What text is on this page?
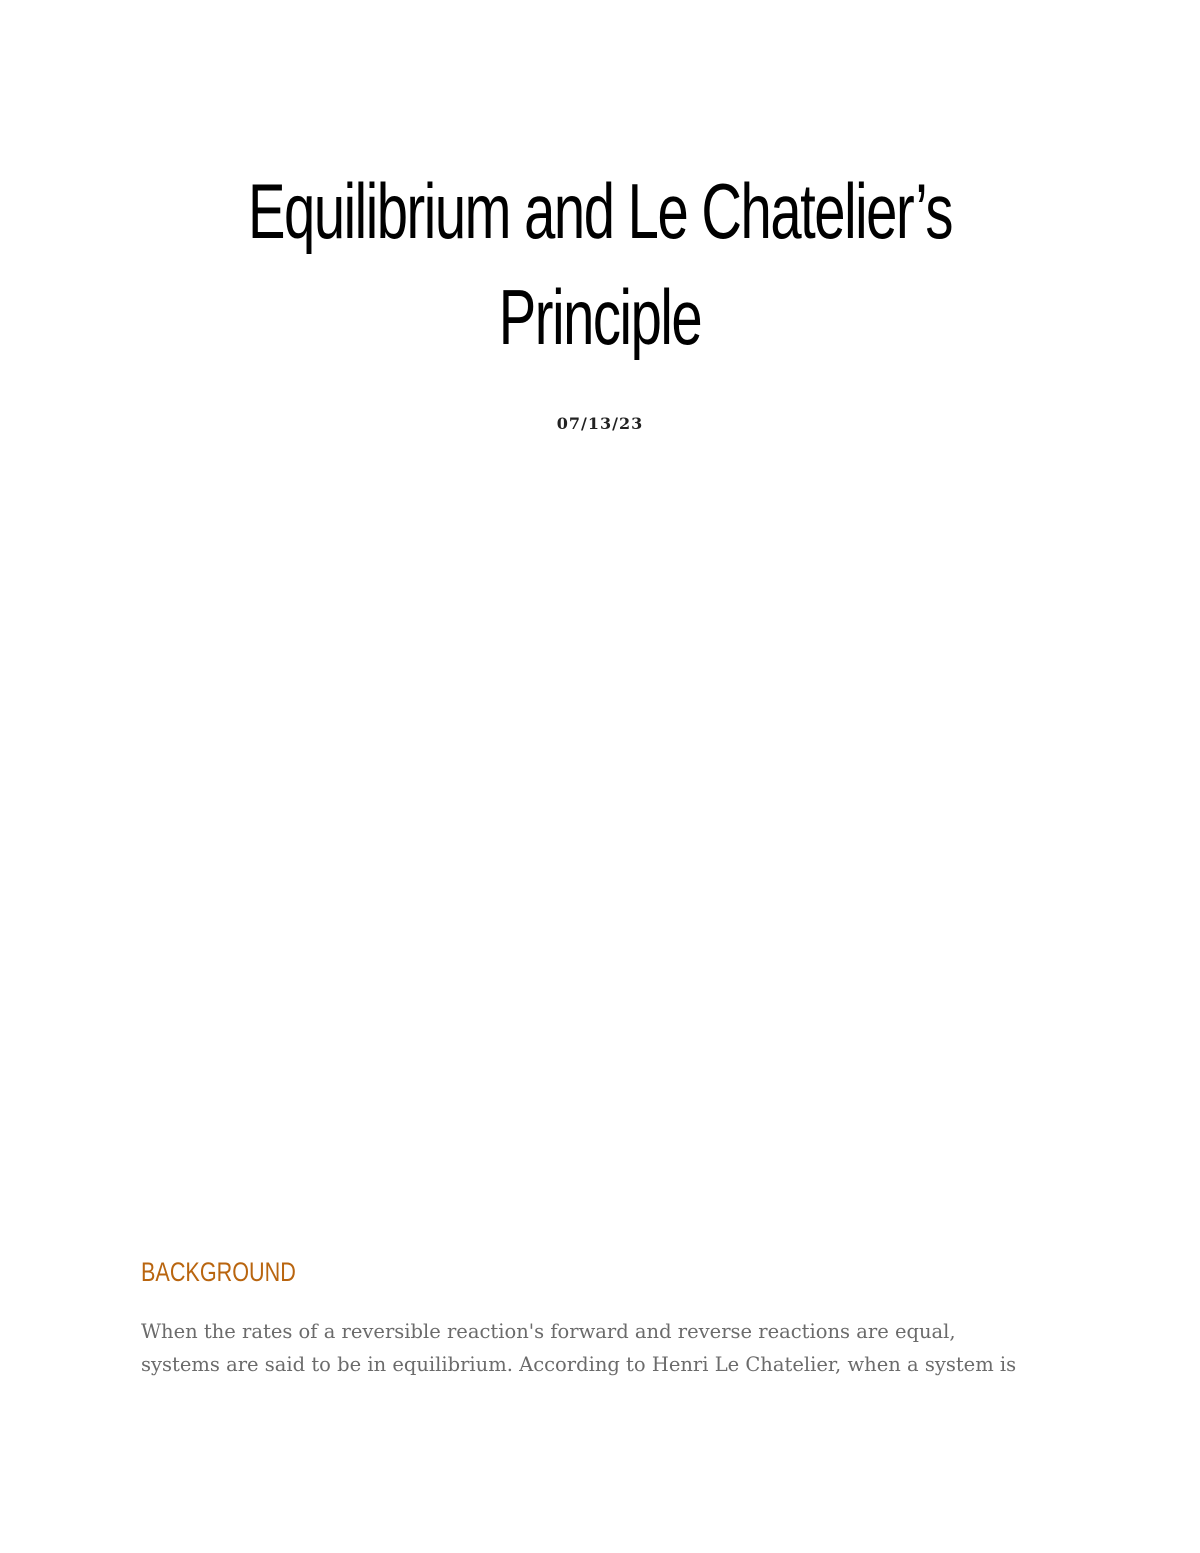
Equilibrium and Le Chatelier’s
Principle
07/13/23
BACKGROUND

When the rates of a reversible reaction's forward and reverse reactions are equal,
systems are said to be in equilibrium. According to Henri Le Chatelier, when a system is
